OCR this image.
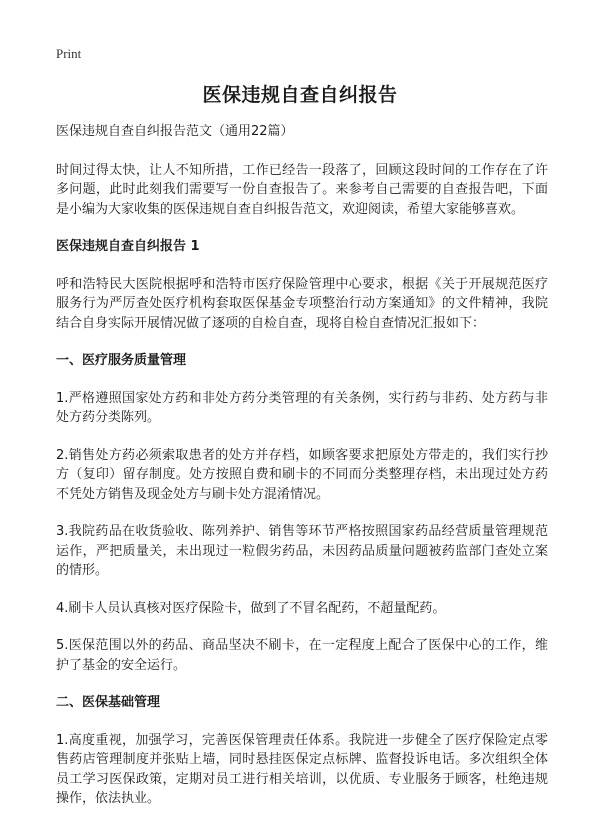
Print
医保违规自查自纠报告

医保违规自查自纠报告范文（通用22篇）

时间过得太快，让人不知所措，工作已经告一段落了，回顾这段时间的工作存在了许多问题，此时此刻我们需要写一份自查报告了。来参考自己需要的自查报告吧，下面是小编为大家收集的医保违规自查自纠报告范文，欢迎阅读，希望大家能够喜欢。

医保违规自查自纠报告 1

呼和浩特民大医院根据呼和浩特市医疗保险管理中心要求，根据《关于开展规范医疗服务行为严厉查处医疗机构套取医保基金专项整治行动方案通知》的文件精神，我院结合自身实际开展情况做了逐项的自检自查，现将自检自查情况汇报如下：

一、医疗服务质量管理

1.严格遵照国家处方药和非处方药分类管理的有关条例，实行药与非药、处方药与非处方药分类陈列。

2.销售处方药必须索取患者的处方并存档，如顾客要求把原处方带走的，我们实行抄方（复印）留存制度。处方按照自费和刷卡的不同而分类整理存档，未出现过处方药不凭处方销售及现金处方与刷卡处方混淆情况。

3.我院药品在收货验收、陈列养护、销售等环节严格按照国家药品经营质量管理规范运作，严把质量关，未出现过一粒假劣药品，未因药品质量问题被药监部门查处立案的情形。

4.刷卡人员认真核对医疗保险卡，做到了不冒名配药，不超量配药。

5.医保范围以外的药品、商品坚决不刷卡，在一定程度上配合了医保中心的工作，维护了基金的安全运行。

二、医保基础管理

1.高度重视，加强学习，完善医保管理责任体系。我院进一步健全了医疗保险定点零售药店管理制度并张贴上墙，同时悬挂医保定点标牌、监督投诉电话。多次组织全体员工学习医保政策，定期对员工进行相关培训，以优质、专业服务于顾客，杜绝违规操作，依法执业。
